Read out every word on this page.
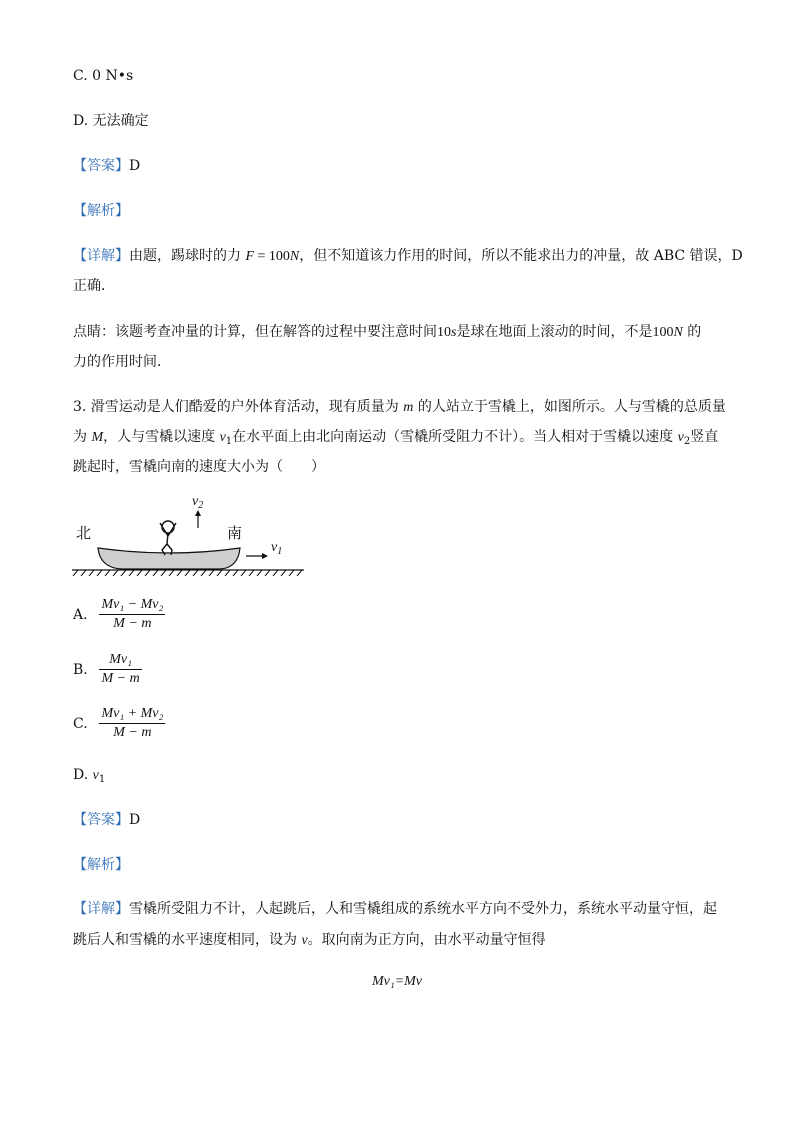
C. 0 N•s
D. 无法确定
【答案】D
【解析】
【详解】由题，踢球时的力 F = 100N，但不知道该力作用的时间，所以不能求出力的冲量，故 ABC 错误，D
正确．
点睛：该题考查冲量的计算，但在解答的过程中要注意时间10s是球在地面上滚动的时间，不是100N 的
力的作用时间．
3. 滑雪运动是人们酷爱的户外体育活动，现有质量为 m 的人站立于雪橇上，如图所示。人与雪橇的总质量
为 M，人与雪橇以速度 $v_1$在水平面上由北向南运动（雪橇所受阻力不计）。当人相对于雪橇以速度 $v_2$竖直
跳起时，雪橇向南的速度大小为（　　）
北	南
$v_2$
$v_1$
A. $\frac{\text{Mv₁ − Mv₂}}{M - m}$
B. $\frac{\text{Mv₁}}{M - m}$
C. $\frac{\text{Mv₁ + Mv₂}}{M - m}$
D. $v_1$
【答案】D
【解析】
【详解】雪橇所受阻力不计，人起跳后，人和雪橇组成的系统水平方向不受外力，系统水平动量守恒，起
跳后人和雪橇的水平速度相同，设为 v。取向南为正方向，由水平动量守恒得
Mv₁=Mv
